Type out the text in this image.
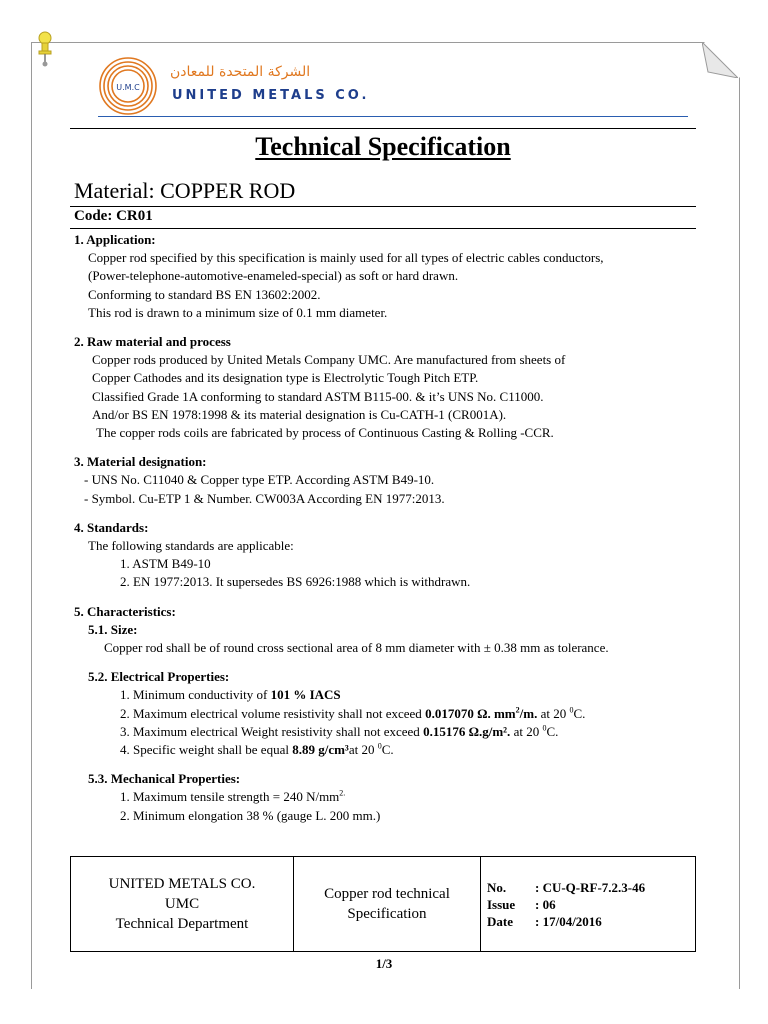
U.M.C
الشركة المتحدة للمعادن
UNITED METALS CO.
Technical Specification
Material: COPPER ROD
Code: CR01
1. Application:
Copper rod specified by this specification is mainly used for all types of electric cables conductors,
(Power-telephone-automotive-enameled-special) as soft or hard drawn.
Conforming to standard BS EN 13602:2002.
This rod is drawn to a minimum size of 0.1 mm diameter.
2. Raw material and process
Copper rods produced by United Metals Company UMC. Are manufactured from sheets of
Copper Cathodes and its designation type is Electrolytic Tough Pitch ETP.
Classified Grade 1A conforming to standard ASTM B115-00. & it’s UNS No. C11000.
And/or BS EN 1978:1998 & its material designation is Cu-CATH-1 (CR001A).
The copper rods coils are fabricated by process of Continuous Casting & Rolling -CCR.
3. Material designation:
- UNS No. C11040 & Copper type ETP. According ASTM B49-10.
- Symbol. Cu-ETP 1 & Number. CW003A According EN 1977:2013.
4. Standards:
The following standards are applicable:
1. ASTM B49-10
2. EN 1977:2013. It supersedes BS 6926:1988 which is withdrawn.
5. Characteristics:
5.1. Size:
Copper rod shall be of round cross sectional area of 8 mm diameter with ± 0.38 mm as tolerance.
5.2. Electrical Properties:
1. Minimum conductivity of 101 % IACS
2. Maximum electrical volume resistivity shall not exceed 0.017070 Ω. $mm^2/m$. at 20 $^0$C.
3. Maximum electrical Weight resistivity shall not exceed 0.15176 Ω.g/m². at 20 $^0$C.
4. Specific weight shall be equal 8.89 g/cm³at 20 $^0$C.
5.3. Mechanical Properties:
1. Maximum tensile strength = 240 $N/mm^{2.}$
2. Minimum elongation 38 % (gauge L. 200 mm.)
UNITED METALS CO.
UMC
Technical Department
Copper rod technical
Specification
No.	: CU-Q-RF-7.2.3-46
Issue	: 06
Date	: 17/04/2016
1/3
